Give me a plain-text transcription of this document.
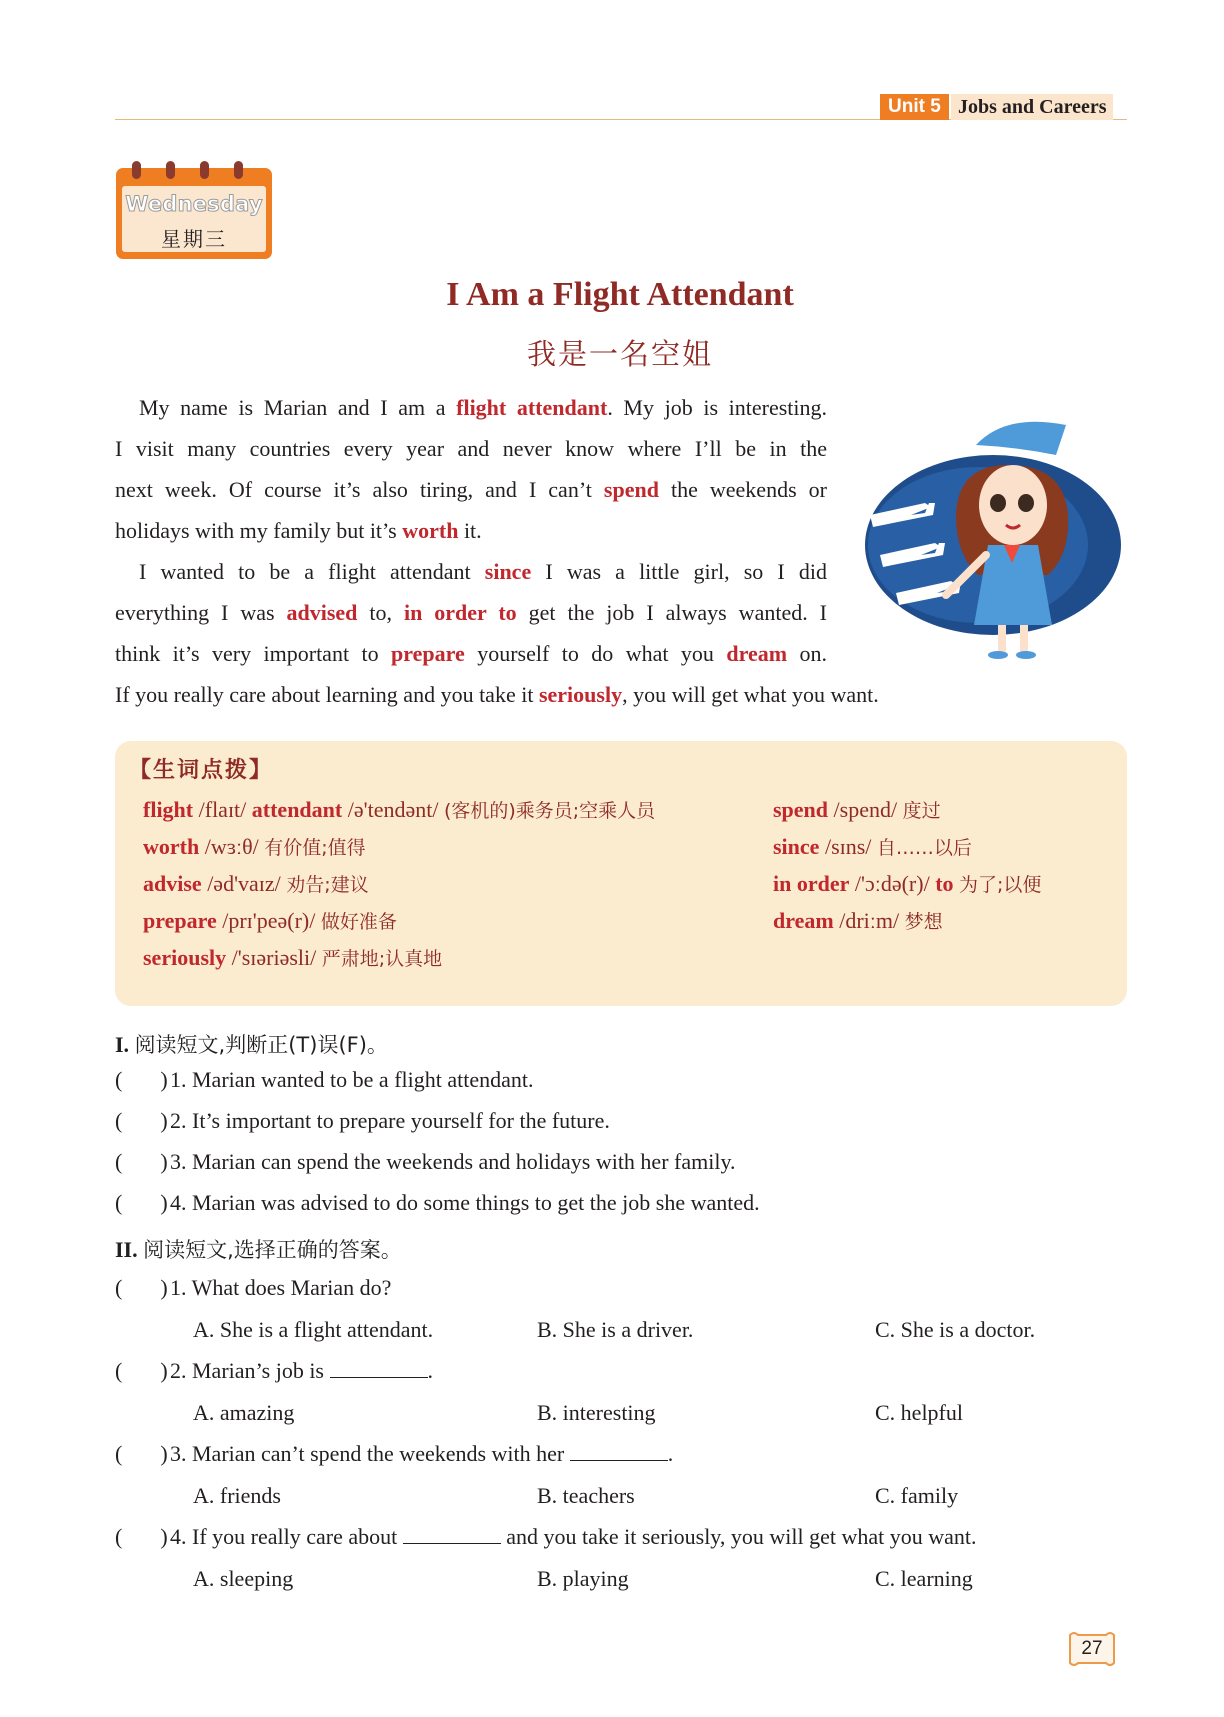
Unit 5 Jobs and Careers
Wednesday
星期三
I Am a Flight Attendant
我是一名空姐
My name is Marian and I am a flight attendant. My job is interesting.
I visit many countries every year and never know where I’ll be in the
next week. Of course it’s also tiring, and I can’t spend the weekends or
holidays with my family but it’s worth it.
I wanted to be a flight attendant since I was a little girl, so I did
everything I was advised to, in order to get the job I always wanted. I
think it’s very important to prepare yourself to do what you dream on.
If you really care about learning and you take it seriously, you will get what you want.
【生词点拨】
flight /flaɪt/ attendant /ə'tendənt/ (客机的)乘务员;空乘人员
worth /wɜːθ/ 有价值;值得
advise /əd'vaɪz/ 劝告;建议
prepare /prɪ'peə(r)/ 做好准备
seriously /'sɪəriəsli/ 严肃地;认真地
spend /spend/ 度过
since /sɪns/ 自……以后
in order /'ɔːdə(r)/ to 为了;以便
dream /driːm/ 梦想
I. 阅读短文,判断正(T)误(F)。
( ) 1. Marian wanted to be a flight attendant.
( ) 2. It’s important to prepare yourself for the future.
( ) 3. Marian can spend the weekends and holidays with her family.
( ) 4. Marian was advised to do some things to get the job she wanted.
II. 阅读短文,选择正确的答案。
( ) 1. What does Marian do?
A. She is a flight attendant.	B. She is a driver.	C. She is a doctor.
( ) 2. Marian’s job is	.
A. amazing	B. interesting	C. helpful
( ) 3. Marian can’t spend the weekends with her	.
A. friends	B. teachers	C. family
( ) 4. If you really care about	and you take it seriously, you will get what you want.
A. sleeping	B. playing	C. learning
27
